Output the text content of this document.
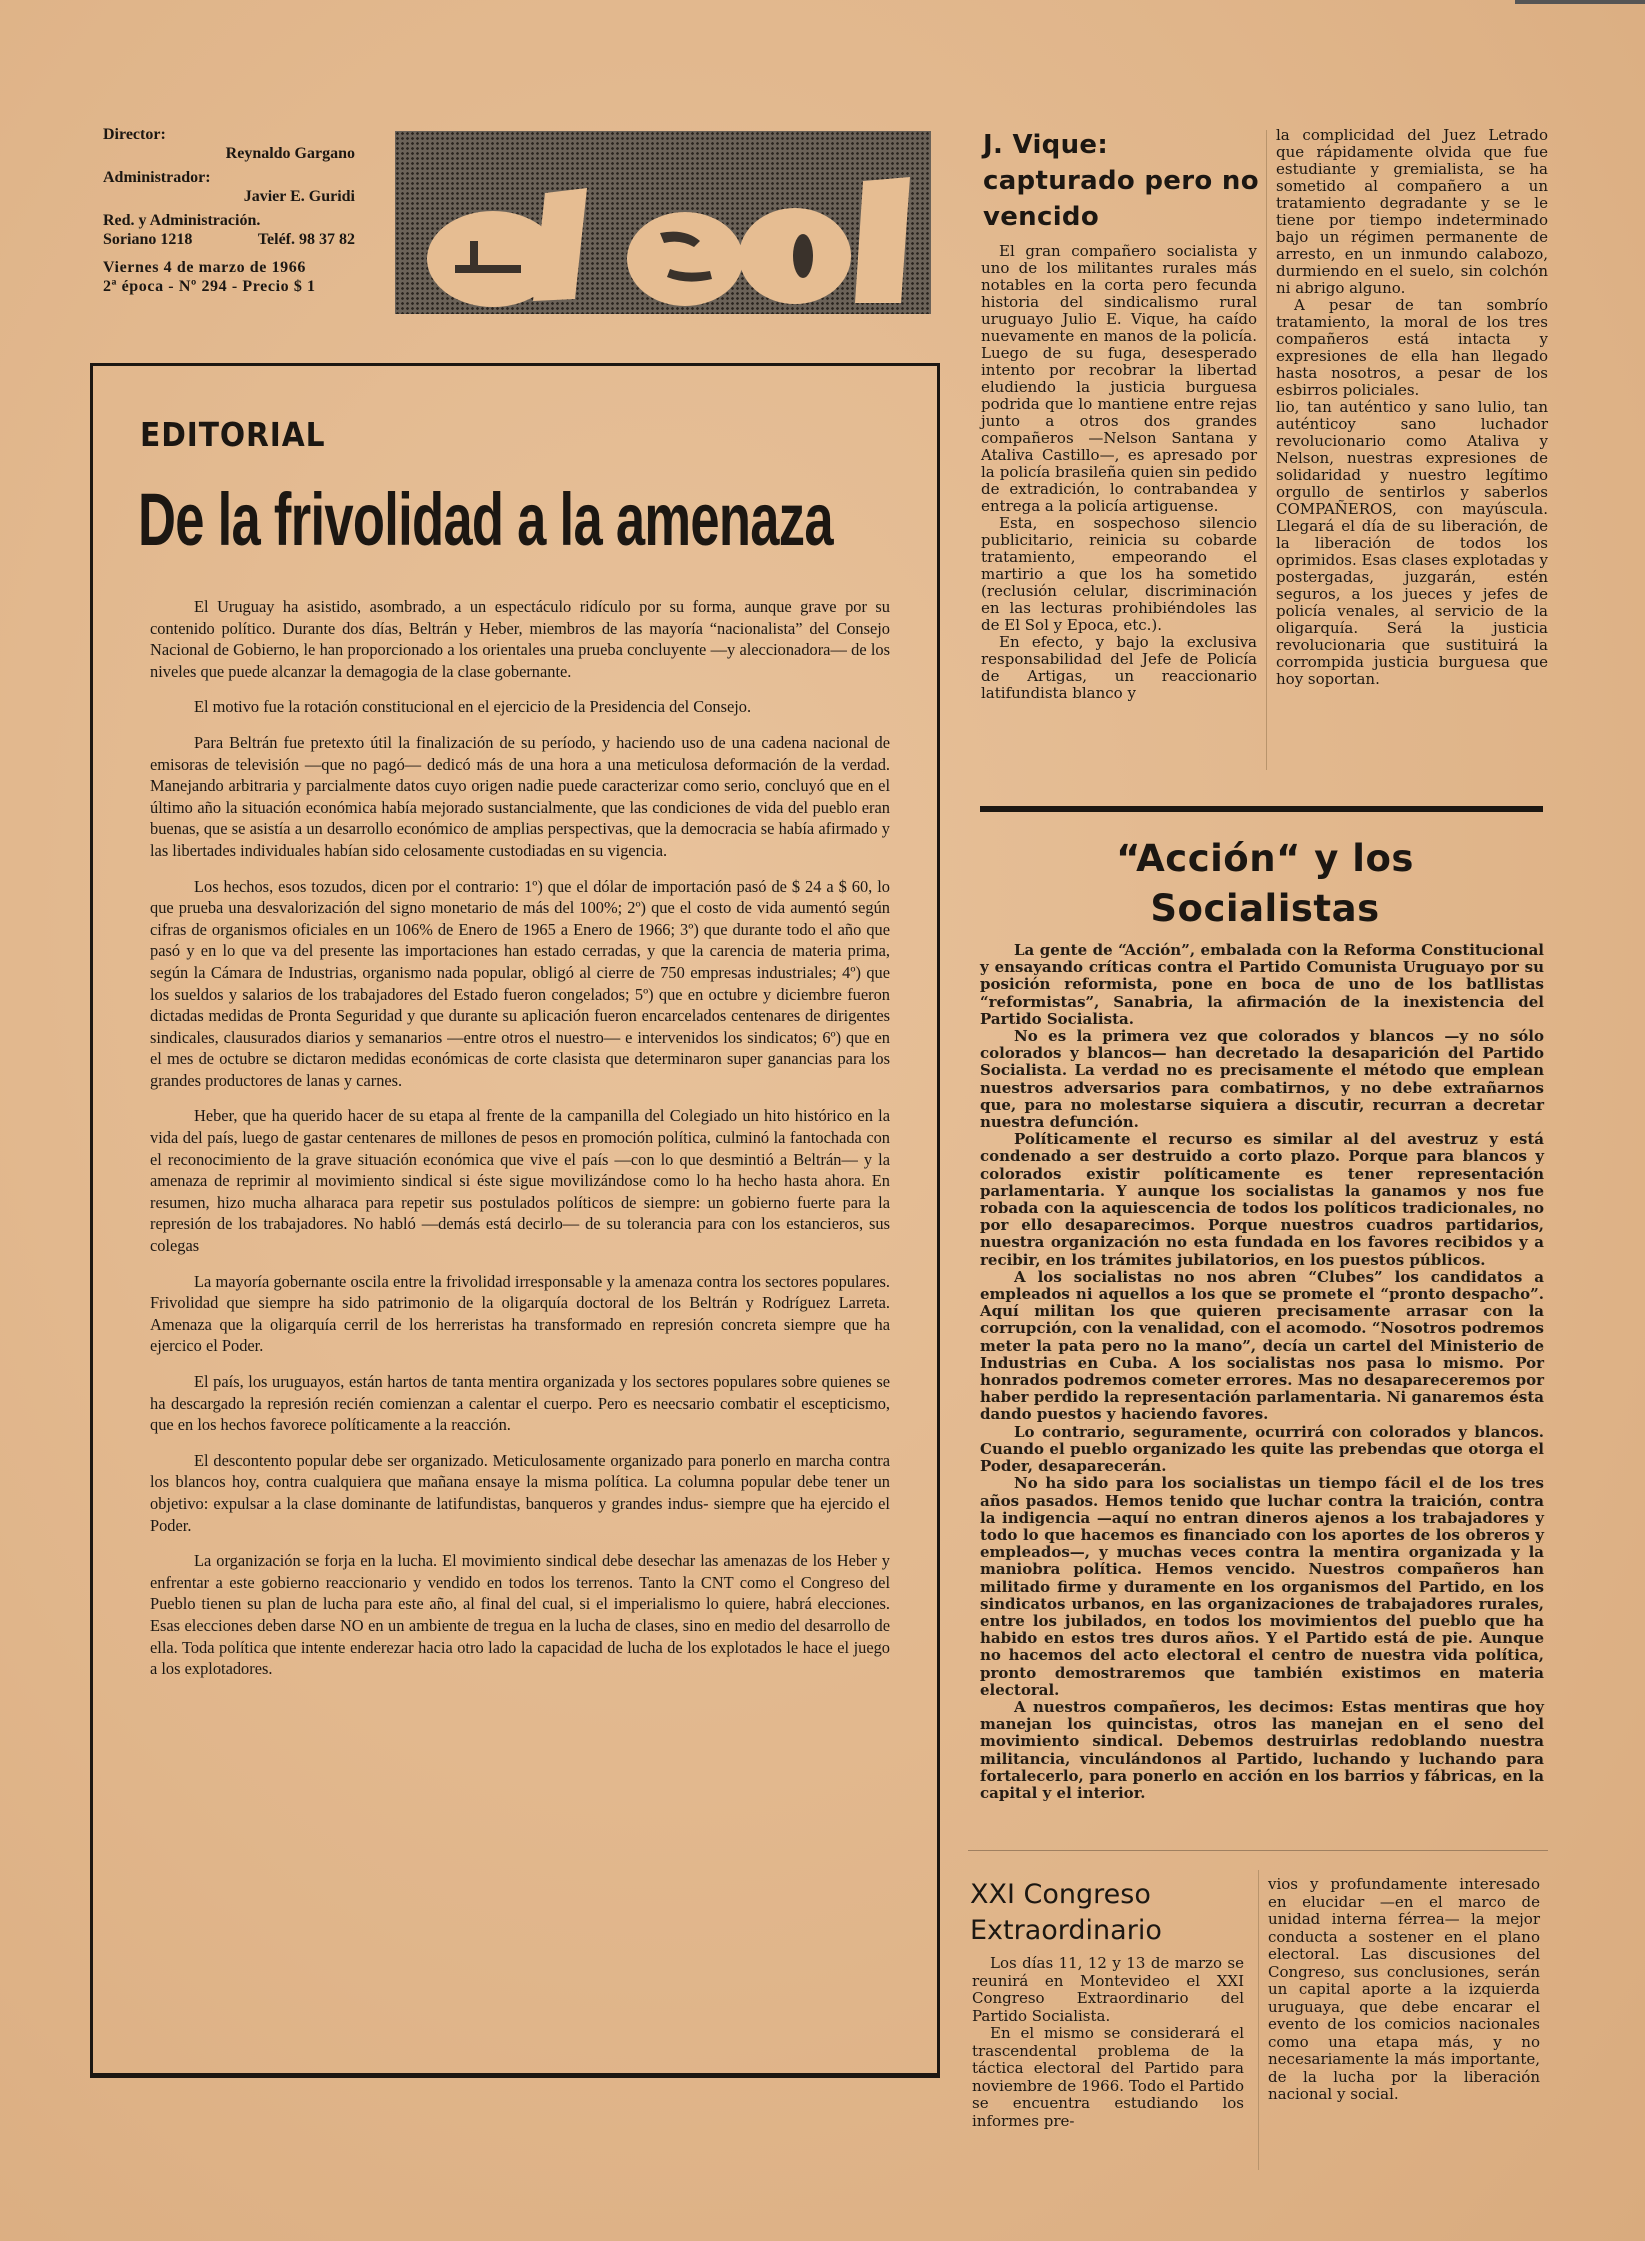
Director:
Reynaldo Gargano
Administrador:
Javier E. Guridi
Red. y Administración.
Soriano 1218	Teléf. 98 37 82
Viernes 4 de marzo de 1966
2ª época - Nº 294 - Precio $ 1
EDITORIAL
De la frivolidad a la amenaza

El Uruguay ha asistido, asombrado, a un espectáculo ridículo por su forma, aunque grave por su contenido político. Durante dos días, Beltrán y Heber, miembros de las mayoría “nacionalista” del Consejo Nacional de Gobierno, le han proporcionado a los orientales una prueba concluyente —y aleccionadora— de los niveles que puede alcanzar la demagogia de la clase gobernante.

El motivo fue la rotación constitucional en el ejercicio de la Presidencia del Consejo.

Para Beltrán fue pretexto útil la finalización de su período, y haciendo uso de una cadena nacional de emisoras de televisión —que no pagó— dedicó más de una hora a una meticulosa deformación de la verdad. Manejando arbitraria y parcialmente datos cuyo origen nadie puede caracterizar como serio, concluyó que en el último año la situación económica había mejorado sustancialmente, que las condiciones de vida del pueblo eran buenas, que se asistía a un desarrollo económico de amplias perspectivas, que la democracia se había afirmado y las libertades individuales habían sido celosamente custodiadas en su vigencia.

Los hechos, esos tozudos, dicen por el contrario: 1º) que el dólar de importación pasó de $ 24 a $ 60, lo que prueba una desvalorización del signo monetario de más del 100%; 2º) que el costo de vida aumentó según cifras de organismos oficiales en un 106% de Enero de 1965 a Enero de 1966; 3º) que durante todo el año que pasó y en lo que va del presente las importaciones han estado cerradas, y que la carencia de materia prima, según la Cámara de Industrias, organismo nada popular, obligó al cierre de 750 empresas industriales; 4º) que los sueldos y salarios de los trabajadores del Estado fueron congelados; 5º) que en octubre y diciembre fueron dictadas medidas de Pronta Seguridad y que durante su aplicación fueron encarcelados centenares de dirigentes sindicales, clausurados diarios y semanarios —entre otros el nuestro— e intervenidos los sindicatos; 6º) que en el mes de octubre se dictaron medidas económicas de corte clasista que determinaron super ganancias para los grandes productores de lanas y carnes.

Heber, que ha querido hacer de su etapa al frente de la campanilla del Colegiado un hito histórico en la vida del país, luego de gastar centenares de millones de pesos en promoción política, culminó la fantochada con el reconocimiento de la grave situación económica que vive el país —con lo que desmintió a Beltrán— y la amenaza de reprimir al movimiento sindical si éste sigue movilizándose como lo ha hecho hasta ahora. En resumen, hizo mucha alharaca para repetir sus postulados políticos de siempre: un gobierno fuerte para la represión de los trabajadores. No habló —demás está decirlo— de su tolerancia para con los estancieros, sus colegas

La mayoría gobernante oscila entre la frivolidad irresponsable y la amenaza contra los sectores populares. Frivolidad que siempre ha sido patrimonio de la oligarquía doctoral de los Beltrán y Rodríguez Larreta. Amenaza que la oligarquía cerril de los herreristas ha transformado en represión concreta siempre que ha ejercico el Poder.

El país, los uruguayos, están hartos de tanta mentira organizada y los sectores populares sobre quienes se ha descargado la represión recién comienzan a calentar el cuerpo. Pero es neecsario combatir el escepticismo, que en los hechos favorece políticamente a la reacción.

El descontento popular debe ser organizado. Meticulosamente organizado para ponerlo en marcha contra los blancos hoy, contra cualquiera que mañana ensaye la misma política. La columna popular debe tener un objetivo: expulsar a la clase dominante de latifundistas, banqueros y grandes indus- siempre que ha ejercido el Poder.

La organización se forja en la lucha. El movimiento sindical debe desechar las amenazas de los Heber y enfrentar a este gobierno reaccionario y vendido en todos los terrenos. Tanto la CNT como el Congreso del Pueblo tienen su plan de lucha para este año, al final del cual, si el imperialismo lo quiere, habrá elecciones. Esas elecciones deben darse NO en un ambiente de tregua en la lucha de clases, sino en medio del desarrollo de ella. Toda política que intente enderezar hacia otro lado la capacidad de lucha de los explotados le hace el juego a los explotadores.

J. Vique: capturado pero no vencido

El gran compañero socialista y uno de los militantes rurales más notables en la corta pero fecunda historia del sindicalismo rural uruguayo Julio E. Vique, ha caído nuevamente en manos de la policía. Luego de su fuga, desesperado intento por recobrar la libertad eludiendo la justicia burguesa podrida que lo mantiene entre rejas junto a otros dos grandes compañeros —Nelson Santana y Ataliva Castillo—, es apresado por la policía brasileña quien sin pedido de extradición, lo contrabandea y entrega a la policía artiguense.

Esta, en sospechoso silencio publicitario, reinicia su cobarde tratamiento, empeorando el martirio a que los ha sometido (reclusión celular, discriminación en las lecturas prohibiéndoles las de El Sol y Epoca, etc.).

En efecto, y bajo la exclusiva responsabilidad del Jefe de Policía de Artigas, un reaccionario latifundista blanco y

la complicidad del Juez Letrado que rápidamente olvida que fue estudiante y gremialista, se ha sometido al compañero a un tratamiento degradante y se le tiene por tiempo indeterminado bajo un régimen permanente de arresto, en un inmundo calabozo, durmiendo en el suelo, sin colchón ni abrigo alguno.

A pesar de tan sombrío tratamiento, la moral de los tres compañeros está intacta y expresiones de ella han llegado hasta nosotros, a pesar de los esbirros policiales.

lio, tan auténtico y sano lulio, tan auténticoy sano luchador revolucionario como Ataliva y Nelson, nuestras expresiones de solidaridad y nuestro legítimo orgullo de sentirlos y saberlos COMPAÑEROS, con mayúscula. Llegará el día de su liberación, de la liberación de todos los oprimidos. Esas clases explotadas y postergadas, juzgarán, estén seguros, a los jueces y jefes de policía venales, al servicio de la oligarquía. Será la justicia revolucionaria que sustituirá la corrompida justicia burguesa que hoy soportan.

“Acción“ y los Socialistas

La gente de “Acción”, embalada con la Reforma Constitucional y ensayando críticas contra el Partido Comunista Uruguayo por su posición reformista, pone en boca de uno de los batllistas “reformistas”, Sanabria, la afirmación de la inexistencia del Partido Socialista.

No es la primera vez que colorados y blancos —y no sólo colorados y blancos— han decretado la desaparición del Partido Socialista. La verdad no es precisamente el método que emplean nuestros adversarios para combatirnos, y no debe extrañarnos que, para no molestarse siquiera a discutir, recurran a decretar nuestra defunción.

Políticamente el recurso es similar al del avestruz y está condenado a ser destruido a corto plazo. Porque para blancos y colorados existir políticamente es tener representación parlamentaria. Y aunque los socialistas la ganamos y nos fue robada con la aquiescencia de todos los políticos tradicionales, no por ello desaparecimos. Porque nuestros cuadros partidarios, nuestra organización no esta fundada en los favores recibidos y a recibir, en los trámites jubilatorios, en los puestos públicos.

A los socialistas no nos abren “Clubes” los candidatos a empleados ni aquellos a los que se promete el “pronto despacho”. Aquí militan los que quieren precisamente arrasar con la corrupción, con la venalidad, con el acomodo. “Nosotros podremos meter la pata pero no la mano”, decía un cartel del Ministerio de Industrias en Cuba. A los socialistas nos pasa lo mismo. Por honrados podremos cometer errores. Mas no desapareceremos por haber perdido la representación parlamentaria. Ni ganaremos ésta dando puestos y haciendo favores.

Lo contrario, seguramente, ocurrirá con colorados y blancos. Cuando el pueblo organizado les quite las prebendas que otorga el Poder, desaparecerán.

No ha sido para los socialistas un tiempo fácil el de los tres años pasados. Hemos tenido que luchar contra la traición, contra la indigencia —aquí no entran dineros ajenos a los trabajadores y todo lo que hacemos es financiado con los aportes de los obreros y empleados—, y muchas veces contra la mentira organizada y la maniobra política. Hemos vencido. Nuestros compañeros han militado firme y duramente en los organismos del Partido, en los sindicatos urbanos, en las organizaciones de trabajadores rurales, entre los jubilados, en todos los movimientos del pueblo que ha habido en estos tres duros años. Y el Partido está de pie. Aunque no hacemos del acto electoral el centro de nuestra vida política, pronto demostraremos que también existimos en materia electoral.

A nuestros compañeros, les decimos: Estas mentiras que hoy manejan los quincistas, otros las manejan en el seno del movimiento sindical. Debemos destruirlas redoblando nuestra militancia, vinculándonos al Partido, luchando y luchando para fortalecerlo, para ponerlo en acción en los barrios y fábricas, en la capital y el interior.

XXI Congreso Extraordinario

Los días 11, 12 y 13 de marzo se reunirá en Montevideo el XXI Congreso Extraordinario del Partido Socialista.

En el mismo se considerará el trascendental problema de la táctica electoral del Partido para noviembre de 1966. Todo el Partido se encuentra estudiando los informes pre-

vios y profundamente interesado en elucidar —en el marco de unidad interna férrea— la mejor conducta a sostener en el plano electoral. Las discusiones del Congreso, sus conclusiones, serán un capital aporte a la izquierda uruguaya, que debe encarar el evento de los comicios nacionales como una etapa más, y no necesariamente la más importante, de la lucha por la liberación nacional y social.
